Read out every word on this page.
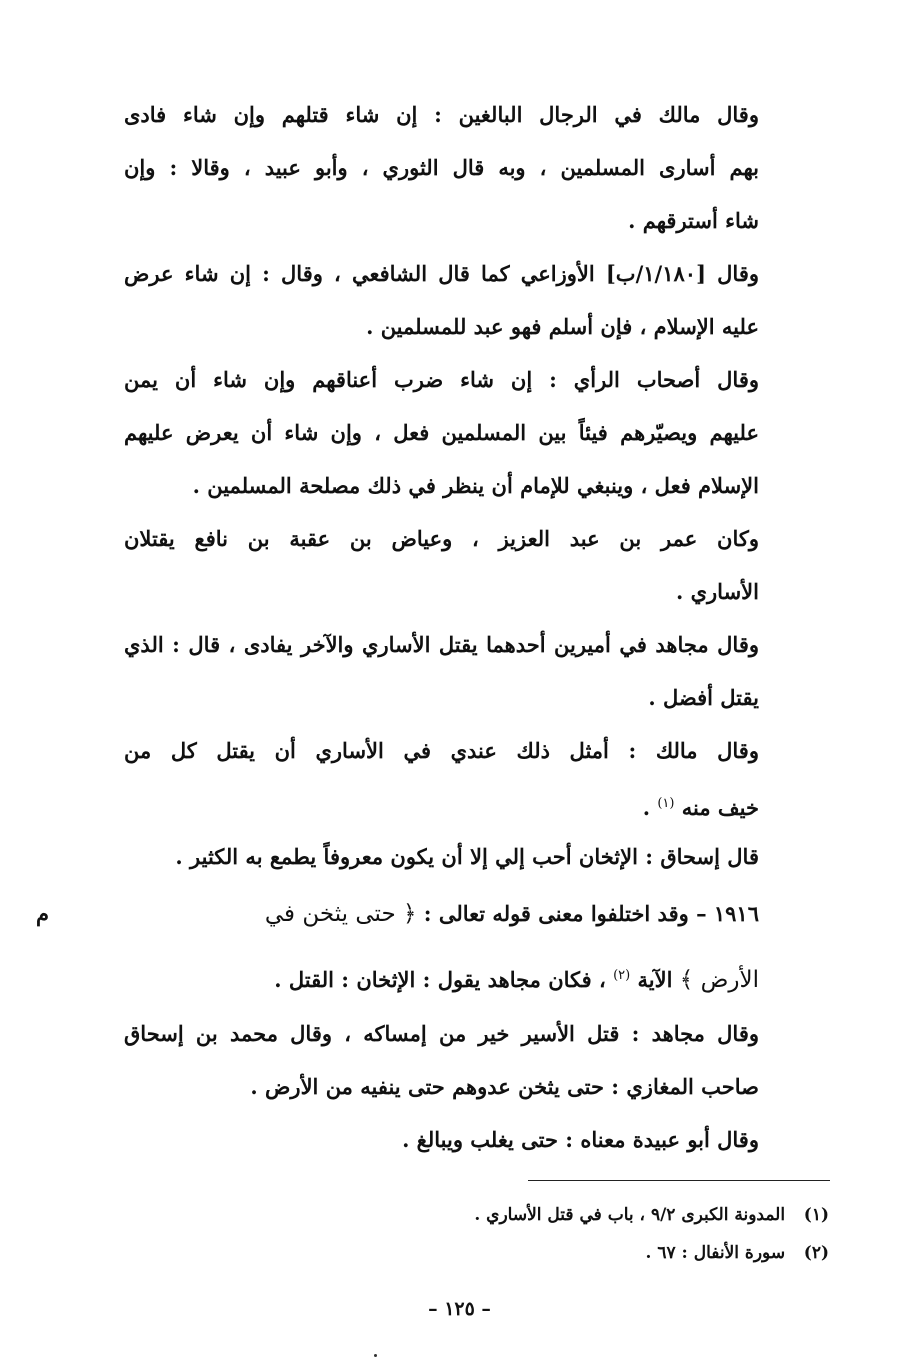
وقال مالك في الرجال البالغين : إن شاء قتلهم وإن شاء فادى
بهم أسارى المسلمين ، وبه قال الثوري ، وأبو عبيد ، وقالا : وإن
شاء أسترقهم .
وقال [١/١٨٠/ب] الأوزاعي كما قال الشافعي ، وقال : إن شاء عرض
عليه الإسلام ، فإن أسلم فهو عبد للمسلمين .
وقال أصحاب الرأي : إن شاء ضرب أعناقهم وإن شاء أن يمن
عليهم ويصيّرهم فيئاً بين المسلمين فعل ، وإن شاء أن يعرض عليهم
الإسلام فعل ، وينبغي للإمام أن ينظر في ذلك مصلحة المسلمين .
وكان عمر بن عبد العزيز ، وعياض بن عقبة بن نافع يقتلان
الأساري .
وقال مجاهد في أميرين أحدهما يقتل الأساري والآخر يفادى ، قال : الذي
يقتل أفضل .
وقال مالك : أمثل ذلك عندي في الأساري أن يقتل كل من
خيف منه $^{(١)}$ .
قال إسحاق : الإثخان أحب إلي إلا أن يكون معروفاً يطمع به الكثير .
١٩١٦ – وقد اختلفوا معنى قوله تعالى : ﴿ حتى يثخن في
م
الأرض ﴾ الآية $^{(٢)}$ ، فكان مجاهد يقول : الإثخان : القتل .
وقال مجاهد : قتل الأسير خير من إمساكه ، وقال محمد بن إسحاق
صاحب المغازي : حتى يثخن عدوهم حتى ينفيه من الأرض .
وقال أبو عبيدة معناه : حتى يغلب ويبالغ .
(١) المدونة الكبرى ٩/٢ ، باب في قتل الأساري .
(٢) سورة الأنفال : ٦٧ .
– ١٢٥ –
